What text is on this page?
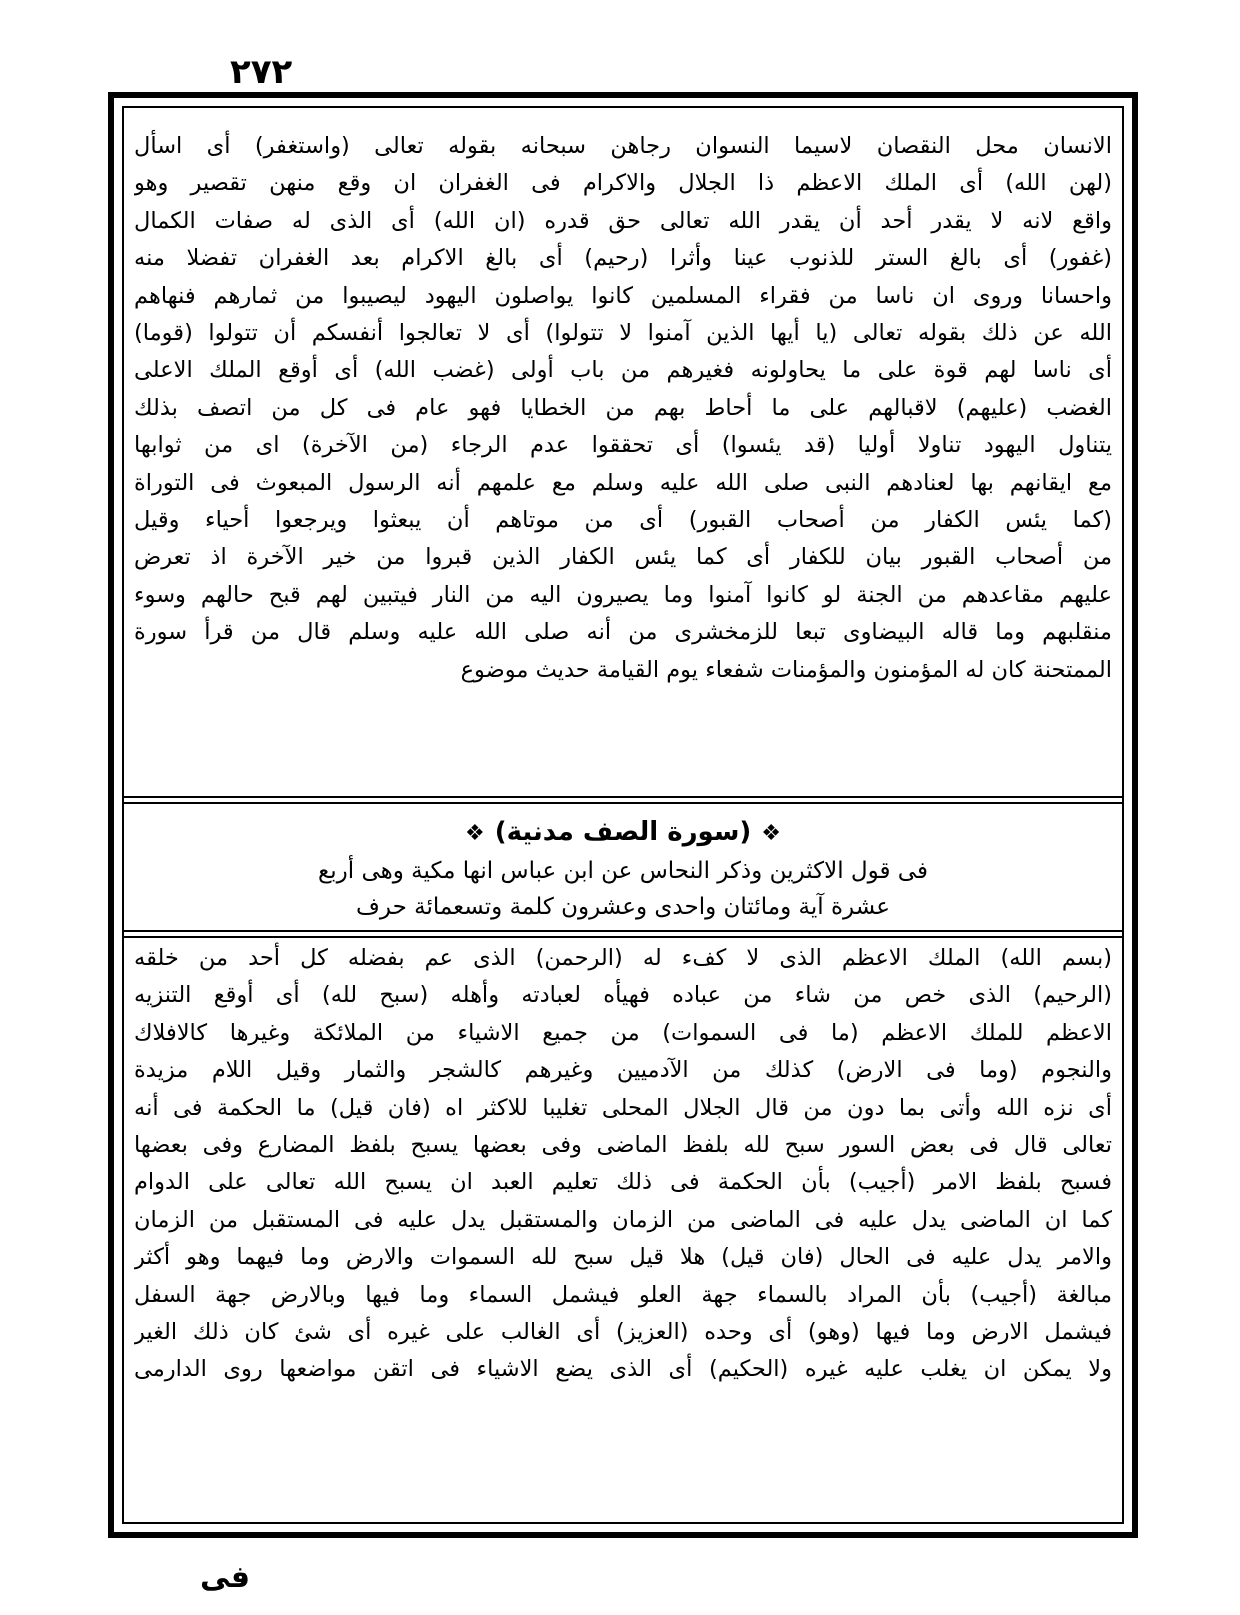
٢٧٢
الانسان محل النقصان لاسيما النسوان رجاهن سبحانه بقوله تعالى (واستغفر) أى اسأل
(لهن الله) أى الملك الاعظم ذا الجلال والاكرام فى الغفران ان وقع منهن تقصير وهو
واقع لانه لا يقدر أحد أن يقدر الله تعالى حق قدره (ان الله) أى الذى له صفات الكمال
(غفور) أى بالغ الستر للذنوب عينا وأثرا (رحيم) أى بالغ الاكرام بعد الغفران تفضلا منه
واحسانا وروى ان ناسا من فقراء المسلمين كانوا يواصلون اليهود ليصيبوا من ثمارهم فنهاهم
الله عن ذلك بقوله تعالى (يا أيها الذين آمنوا لا تتولوا) أى لا تعالجوا أنفسكم أن تتولوا (قوما)
أى ناسا لهم قوة على ما يحاولونه فغيرهم من باب أولى (غضب الله) أى أوقع الملك الاعلى
الغضب (عليهم) لاقبالهم على ما أحاط بهم من الخطايا فهو عام فى كل من اتصف بذلك
يتناول اليهود تناولا أوليا (قد يئسوا) أى تحققوا عدم الرجاء (من الآخرة) اى من ثوابها
مع ايقانهم بها لعنادهم النبى صلى الله عليه وسلم مع علمهم أنه الرسول المبعوث فى التوراة
(كما يئس الكفار من أصحاب القبور) أى من موتاهم أن يبعثوا ويرجعوا أحياء وقيل
من أصحاب القبور بيان للكفار أى كما يئس الكفار الذين قبروا من خير الآخرة اذ تعرض
عليهم مقاعدهم من الجنة لو كانوا آمنوا وما يصيرون اليه من النار فيتبين لهم قبح حالهم وسوء
منقلبهم وما قاله البيضاوى تبعا للزمخشرى من أنه صلى الله عليه وسلم قال من قرأ سورة
الممتحنة كان له المؤمنون والمؤمنات شفعاء يوم القيامة حديث موضوع
❖(سورة الصف مدنية)❖
فى قول الاكثرين وذكر النحاس عن ابن عباس انها مكية وهى أربع
عشرة آية ومائتان واحدى وعشرون كلمة وتسعمائة حرف
(بسم الله) الملك الاعظم الذى لا كفء له (الرحمن) الذى عم بفضله كل أحد من خلقه
(الرحيم) الذى خص من شاء من عباده فهيأه لعبادته وأهله (سبح لله) أى أوقع التنزيه
الاعظم للملك الاعظم (ما فى السموات) من جميع الاشياء من الملائكة وغيرها كالافلاك
والنجوم (وما فى الارض) كذلك من الآدميين وغيرهم كالشجر والثمار وقيل اللام مزيدة
أى نزه الله وأتى بما دون من قال الجلال المحلى تغليبا للاكثر اه (فان قيل) ما الحكمة فى أنه
تعالى قال فى بعض السور سبح لله بلفظ الماضى وفى بعضها يسبح بلفظ المضارع وفى بعضها
فسبح بلفظ الامر (أجيب) بأن الحكمة فى ذلك تعليم العبد ان يسبح الله تعالى على الدوام
كما ان الماضى يدل عليه فى الماضى من الزمان والمستقبل يدل عليه فى المستقبل من الزمان
والامر يدل عليه فى الحال (فان قيل) هلا قيل سبح لله السموات والارض وما فيهما وهو أكثر
مبالغة (أجيب) بأن المراد بالسماء جهة العلو فيشمل السماء وما فيها وبالارض جهة السفل
فيشمل الارض وما فيها (وهو) أى وحده (العزيز) أى الغالب على غيره أى شئ كان ذلك الغير
ولا يمكن ان يغلب عليه غيره (الحكيم) أى الذى يضع الاشياء فى اتقن مواضعها روى الدارمى
فى
